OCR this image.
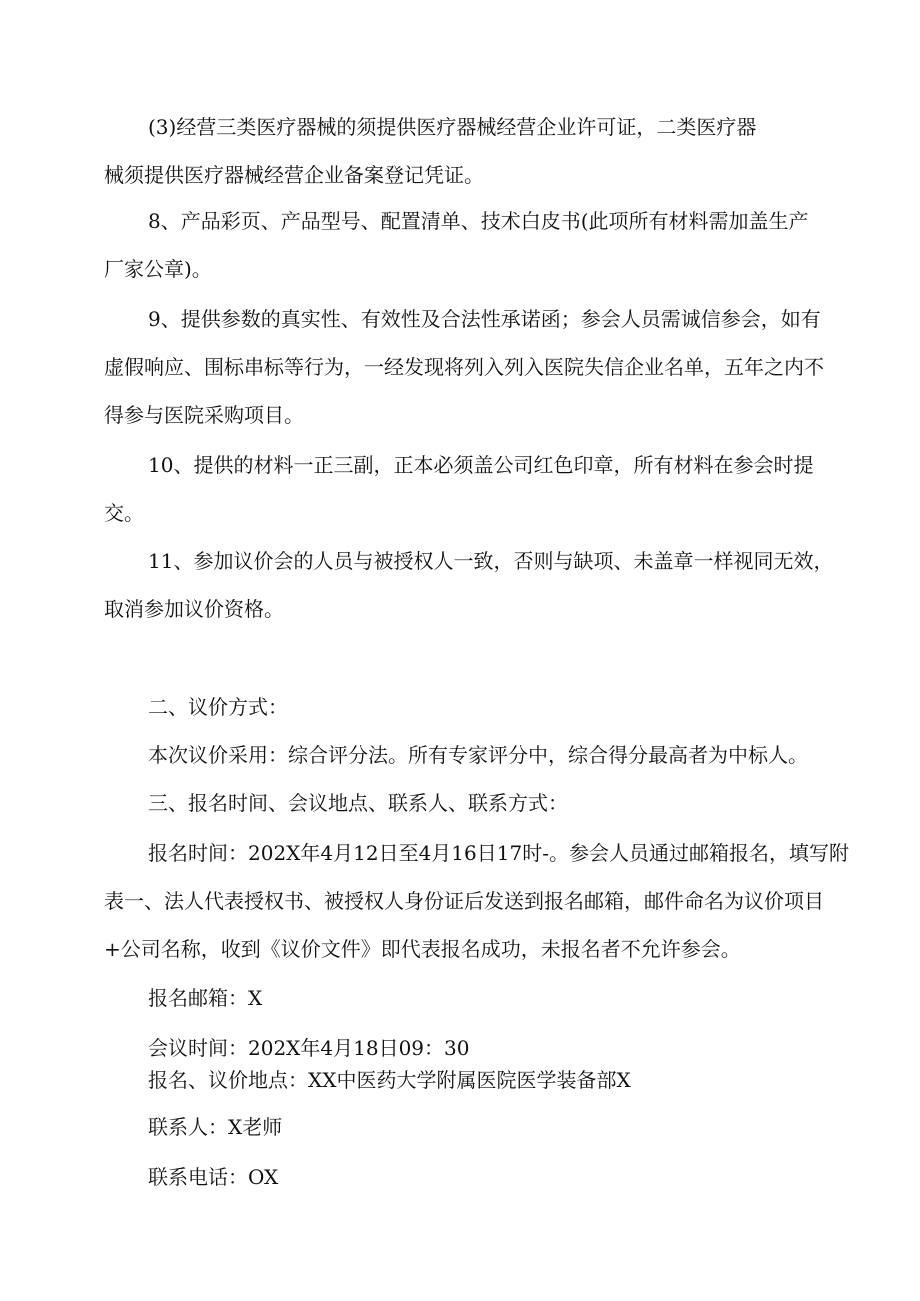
(3)经营三类医疗器械的须提供医疗器械经营企业许可证，二类医疗器
械须提供医疗器械经营企业备案登记凭证。

8、产品彩页、产品型号、配置清单、技术白皮书(此项所有材料需加盖生产
厂家公章)。

9、提供参数的真实性、有效性及合法性承诺函；参会人员需诚信参会，如有
虚假响应、围标串标等行为，一经发现将列入列入医院失信企业名单，五年之内不
得参与医院采购项目。

10、提供的材料一正三副，正本必须盖公司红色印章，所有材料在参会时提
交。

11、参加议价会的人员与被授权人一致，否则与缺项、未盖章一样视同无效，
取消参加议价资格。

二、议价方式：

本次议价采用：综合评分法。所有专家评分中，综合得分最高者为中标人。

三、报名时间、会议地点、联系人、联系方式：

报名时间：202X年4月12日至4月16日17时-。参会人员通过邮箱报名，填写附
表一、法人代表授权书、被授权人身份证后发送到报名邮箱，邮件命名为议价项目
+公司名称，收到《议价文件》即代表报名成功，未报名者不允许参会。

报名邮箱：X

会议时间：202X年4月18日09：30

报名、议价地点：XX中医药大学附属医院医学装备部X

联系人：X老师

联系电话：OX
